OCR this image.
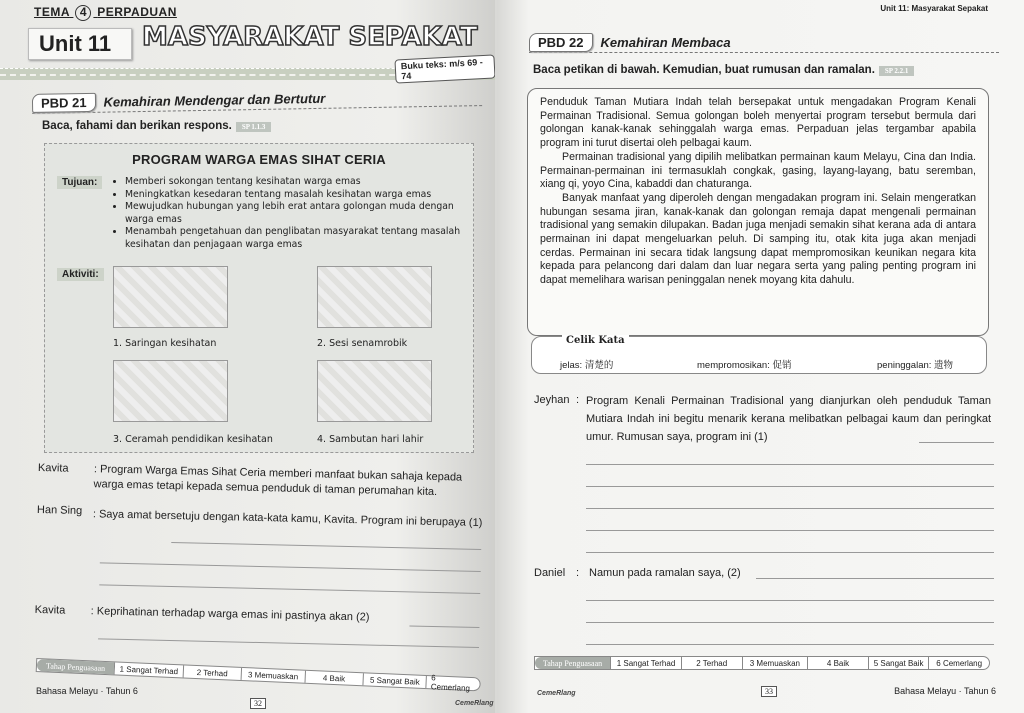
TEMA 4 PERPADUAN
Unit 11
Buku teks: m/s 69 - 74
MASYARAKAT SEPAKAT
PBD 21	Kemahiran Mendengar dan Bertutur
Baca, fahami dan berikan respons. SP 1.1.3
PROGRAM WARGA EMAS SIHAT CERIA
Tujuan:	• Memberi sokongan tentang kesihatan warga emas
• Meningkatkan kesedaran tentang masalah kesihatan warga emas
• Mewujudkan hubungan yang lebih erat antara golongan muda dengan warga emas
• Menambah pengetahuan dan penglibatan masyarakat tentang masalah kesihatan dan penjagaan warga emas
Aktiviti:
1. Saringan kesihatan	2. Sesi senamrobik
3. Ceramah pendidikan kesihatan	4. Sambutan hari lahir
Kavita : Program Warga Emas Sihat Ceria memberi manfaat bukan sahaja kepada warga emas tetapi kepada semua penduduk di taman perumahan kita.
Han Sing : Saya amat bersetuju dengan kata-kata kamu, Kavita. Program ini berupaya (1)
Kavita : Keprihatinan terhadap warga emas ini pastinya akan (2)
Tahap Penguasaan	1 Sangat Terhad	2 Terhad	3 Memuaskan	4 Baik	5 Sangat Baik	6 Cemerlang
Bahasa Melayu · Tahun 6
32	CemeRlang
Unit 11: Masyarakat Sepakat
PBD 22	Kemahiran Membaca
Baca petikan di bawah. Kemudian, buat rumusan dan ramalan. SP 2.2.1

Penduduk Taman Mutiara Indah telah bersepakat untuk mengadakan Program Kenali Permainan Tradisional. Semua golongan boleh menyertai program tersebut bermula dari golongan kanak-kanak sehinggalah warga emas. Perpaduan jelas tergambar apabila program ini turut disertai oleh pelbagai kaum.

Permainan tradisional yang dipilih melibatkan permainan kaum Melayu, Cina dan India. Permainan-permainan ini termasuklah congkak, gasing, layang-layang, batu seremban, xiang qi, yoyo Cina, kabaddi dan chaturanga.

Banyak manfaat yang diperoleh dengan mengadakan program ini. Selain mengeratkan hubungan sesama jiran, kanak-kanak dan golongan remaja dapat mengenali permainan tradisional yang semakin dilupakan. Badan juga menjadi semakin sihat kerana ada di antara permainan ini dapat mengeluarkan peluh. Di samping itu, otak kita juga akan menjadi cerdas. Permainan ini secara tidak langsung dapat mempromosikan keunikan negara kita kepada para pelancong dari dalam dan luar negara serta yang paling penting program ini dapat memelihara warisan peninggalan nenek moyang kita dahulu.

Celik Kata
jelas: 清楚的	mempromosikan: 促销	peninggalan: 遗物
Jeyhan : Program Kenali Permainan Tradisional yang dianjurkan oleh penduduk Taman Mutiara Indah ini begitu menarik kerana melibatkan pelbagai kaum dan peringkat umur. Rumusan saya, program ini (1)
Daniel : Namun pada ramalan saya, (2)
Tahap Penguasaan	1 Sangat Terhad	2 Terhad	3 Memuaskan	4 Baik	5 Sangat Baik	6 Cemerlang
CemeRlang	33	Bahasa Melayu · Tahun 6
